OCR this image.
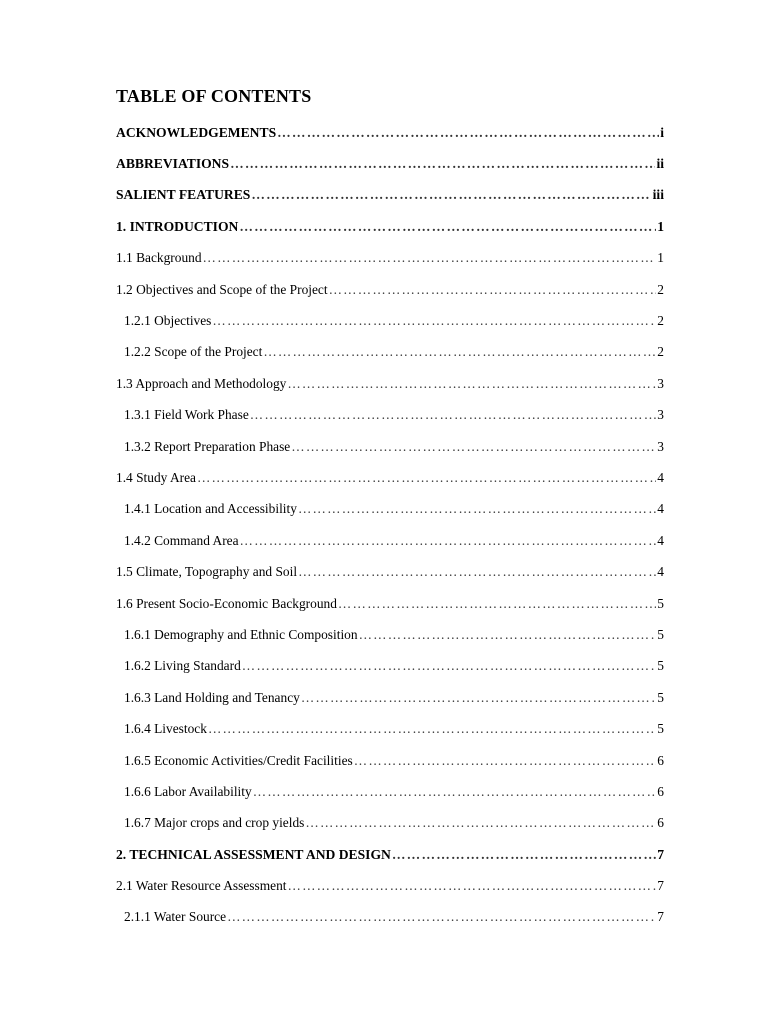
TABLE OF CONTENTS
ACKNOWLEDGEMENTS ………………………………………………………………………………………………………………………………………………………………………………………………………………	i
ABBREVIATIONS ………………………………………………………………………………………………………………………………………………………………………………………………………………	ii
SALIENT FEATURES ………………………………………………………………………………………………………………………………………………………………………………………………………………	iii
1. INTRODUCTION ………………………………………………………………………………………………………………………………………………………………………………………………………………	1
1.1 Background ………………………………………………………………………………………………………………………………………………………………………………………………………………	1
1.2 Objectives and Scope of the Project ………………………………………………………………………………………………………………………………………………………………………………………………………………	2
1.2.1 Objectives ………………………………………………………………………………………………………………………………………………………………………………………………………………	2
1.2.2 Scope of the Project ………………………………………………………………………………………………………………………………………………………………………………………………………………	2
1.3 Approach and Methodology ………………………………………………………………………………………………………………………………………………………………………………………………………………	3
1.3.1 Field Work Phase ………………………………………………………………………………………………………………………………………………………………………………………………………………	3
1.3.2 Report Preparation Phase ………………………………………………………………………………………………………………………………………………………………………………………………………………	3
1.4 Study Area ………………………………………………………………………………………………………………………………………………………………………………………………………………	4
1.4.1 Location and Accessibility ………………………………………………………………………………………………………………………………………………………………………………………………………………	4
1.4.2 Command Area ………………………………………………………………………………………………………………………………………………………………………………………………………………	4
1.5 Climate, Topography and Soil ………………………………………………………………………………………………………………………………………………………………………………………………………………	4
1.6 Present Socio-Economic Background ………………………………………………………………………………………………………………………………………………………………………………………………………………	5
1.6.1 Demography and Ethnic Composition ………………………………………………………………………………………………………………………………………………………………………………………………………………	5
1.6.2 Living Standard ………………………………………………………………………………………………………………………………………………………………………………………………………………	5
1.6.3 Land Holding and Tenancy ………………………………………………………………………………………………………………………………………………………………………………………………………………	5
1.6.4 Livestock ………………………………………………………………………………………………………………………………………………………………………………………………………………	5
1.6.5 Economic Activities/Credit Facilities ………………………………………………………………………………………………………………………………………………………………………………………………………………	6
1.6.6 Labor Availability ………………………………………………………………………………………………………………………………………………………………………………………………………………	6
1.6.7 Major crops and crop yields ………………………………………………………………………………………………………………………………………………………………………………………………………………	6
2. TECHNICAL ASSESSMENT AND DESIGN ………………………………………………………………………………………………………………………………………………………………………………………………………………	7
2.1 Water Resource Assessment ………………………………………………………………………………………………………………………………………………………………………………………………………………	7
2.1.1 Water Source ………………………………………………………………………………………………………………………………………………………………………………………………………………	7
